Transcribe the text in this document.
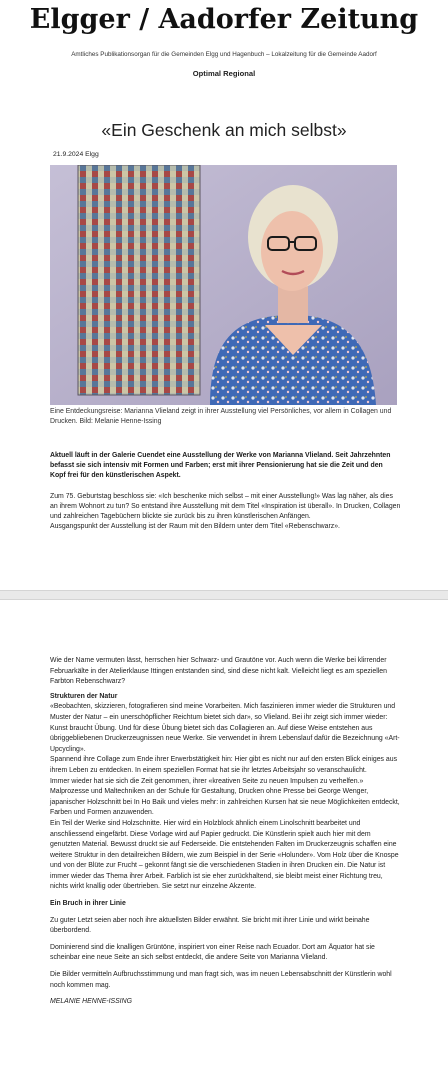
Elgger / Aadorfer Zeitung
Amtliches Publikationsorgan für die Gemeinden Elgg und Hagenbuch – Lokalzeitung für die Gemeinde Aadorf
Optimal Regional
«Ein Geschenk an mich selbst»
21.9.2024 Elgg
Eine Entdeckungsreise: Marianna Vlieland zeigt in ihrer Ausstellung viel Persönliches, vor allem in Collagen und Drucken. Bild: Melanie Henne-Issing
Aktuell läuft in der Galerie Cuendet eine Ausstellung der Werke von Marianna Vlieland. Seit Jahrzehnten befasst sie sich intensiv mit Formen und Farben; erst mit ihrer Pensionierung hat sie die Zeit und den Kopf frei für den künstlerischen Aspekt.

Zum 75. Geburtstag beschloss sie: «Ich beschenke mich selbst – mit einer Ausstellung!» Was lag näher, als dies an ihrem Wohnort zu tun? So entstand ihre Ausstellung mit dem Titel «Inspiration ist überall». In Drucken, Collagen und zahlreichen Tagebüchern blickte sie zurück bis zu ihren künstlerischen Anfängen.

Ausgangspunkt der Ausstellung ist der Raum mit den Bildern unter dem Titel «Rebenschwarz».

Wie der Name vermuten lässt, herrschen hier Schwarz- und Grautöne vor. Auch wenn die Werke bei klirrender Februarkälte in der Atelierklause Ittingen entstanden sind, sind diese nicht kalt. Vielleicht liegt es am speziellen Farbton Rebenschwarz?

Strukturen der Natur

«Beobachten, skizzieren, fotografieren sind meine Vorarbeiten. Mich faszinieren immer wieder die Strukturen und Muster der Natur – ein unerschöpflicher Reichtum bietet sich dar», so Vlieland. Bei ihr zeigt sich immer wieder: Kunst braucht Übung. Und für diese Übung bietet sich das Collagieren an. Auf diese Weise entstehen aus übriggebliebenen Druckerzeugnissen neue Werke. Sie verwendet in ihrem Lebenslauf dafür die Bezeichnung «Art-Upcycling».

Spannend ihre Collage zum Ende ihrer Erwerbstätigkeit hin: Hier gibt es nicht nur auf den ersten Blick einiges aus ihrem Leben zu entdecken. In einem speziellen Format hat sie ihr letztes Arbeitsjahr so veranschaulicht.

Immer wieder hat sie sich die Zeit genommen, ihrer «kreativen Seite zu neuen Impulsen zu verhelfen.» Malprozesse und Maltechniken an der Schule für Gestaltung, Drucken ohne Presse bei George Wenger, japanischer Holzschnitt bei In Ho Baik und vieles mehr: in zahlreichen Kursen hat sie neue Möglichkeiten entdeckt, Farben und Formen anzuwenden.

Ein Teil der Werke sind Holzschnitte. Hier wird ein Holzblock ähnlich einem Linolschnitt bearbeitet und anschliessend eingefärbt. Diese Vorlage wird auf Papier gedruckt. Die Künstlerin spielt auch hier mit dem genutzten Material. Bewusst druckt sie auf Federseide. Die entstehenden Falten im Druckerzeugnis schaffen eine weitere Struktur in den detailreichen Bildern, wie zum Beispiel in der Serie «Holunder». Vom Holz über die Knospe und von der Blüte zur Frucht – gekonnt fängt sie die verschiedenen Stadien in ihren Drucken ein. Die Natur ist immer wieder das Thema ihrer Arbeit. Farblich ist sie eher zurückhaltend, sie bleibt meist einer Richtung treu, nichts wirkt knallig oder übertrieben. Sie setzt nur einzelne Akzente.

Ein Bruch in ihrer Linie

Zu guter Letzt seien aber noch ihre aktuellsten Bilder erwähnt. Sie bricht mit ihrer Linie und wirkt beinahe überbordend.

Dominierend sind die knalligen Grüntöne, inspiriert von einer Reise nach Ecuador. Dort am Äquator hat sie scheinbar eine neue Seite an sich selbst entdeckt, die andere Seite von Marianna Vlieland.

Die Bilder vermitteln Aufbruchsstimmung und man fragt sich, was im neuen Lebensabschnitt der Künstlerin wohl noch kommen mag.

MELANIE HENNE-ISSING
